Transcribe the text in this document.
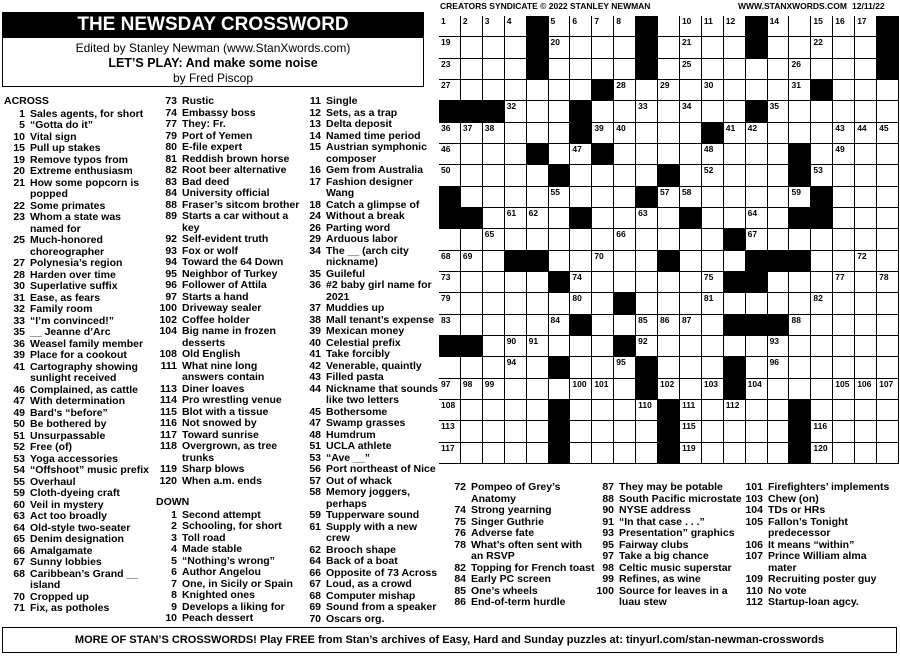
THE NEWSDAY CROSSWORD
Edited by Stanley Newman (www.StanXwords.com)
LET’S PLAY: And make some noise
by Fred Piscop
CREATORS SYNDICATE © 2022 STANLEY NEWMAN	WWW.STANXWORDS.COM 12/11/22
1 2 3 4	5 6 7 8	10 11 12	14	15 16 17
19	20	21	22
23	25	26
27	28	29	30	31
32	33	34	35
36 37 38	39 40	41 42	43 44 45
46	47	48	49
50	52	53
55	57 58	59
61 62	63	64
65	66	67
68 69	70	72
73	74	75	77	78
79	80	81	82
83	84	85 86 87	88
90 91	92	93
94	95	96
97 98 99	100 101	102	103	104	105 106 107
108	110	111	112
113	115	116
117	119	120
ACROSS
1 Sales agents, for short
5 “Gotta do it”
10 Vital sign
15 Pull up stakes
19 Remove typos from
20 Extreme enthusiasm
21 How some popcorn is popped
22 Some primates
23 Whom a state was named for
25 Much-honored choreographer
27 Polynesia’s region
28 Harden over time
30 Superlative suffix
31 Ease, as fears
32 Family room
33 “I’m convinced!”
35 __ Jeanne d’Arc
36 Weasel family member
39 Place for a cookout
41 Cartography showing sunlight received
46 Complained, as cattle
47 With determination
49 Bard’s “before”
50 Be bothered by
51 Unsurpassable
52 Free (of)
53 Yoga accessories
54 “Offshoot” music prefix
55 Overhaul
59 Cloth-dyeing craft
60 Veil in mystery
63 Act too broadly
64 Old-style two-seater
65 Denim designation
66 Amalgamate
67 Sunny lobbies
68 Caribbean’s Grand __ island
70 Cropped up
71 Fix, as potholes
73 Rustic
74 Embassy boss
77 They: Fr.
79 Port of Yemen
80 E-file expert
81 Reddish brown horse
82 Root beer alternative
83 Bad deed
84 University official
88 Fraser’s sitcom brother
89 Starts a car without a key
92 Self-evident truth
93 Fox or wolf
94 Toward the 64 Down
95 Neighbor of Turkey
96 Follower of Attila
97 Starts a hand
100 Driveway sealer
102 Coffee holder
104 Big name in frozen desserts
108 Old English
111 What nine long answers contain
113 Diner loaves
114 Pro wrestling venue
115 Blot with a tissue
116 Not snowed by
117 Toward sunrise
118 Overgrown, as tree trunks
119 Sharp blows
120 When a.m. ends
DOWN
1 Second attempt
2 Schooling, for short
3 Toll road
4 Made stable
5 “Nothing’s wrong”
6 Author Angelou
7 One, in Sicily or Spain
8 Knighted ones
9 Develops a liking for
10 Peach dessert
11 Single
12 Sets, as a trap
13 Delta deposit
14 Named time period
15 Austrian symphonic composer
16 Gem from Australia
17 Fashion designer Wang
18 Catch a glimpse of
24 Without a break
26 Parting word
29 Arduous labor
34 The __ (arch city nickname)
35 Guileful
36 #2 baby girl name for 2021
37 Muddies up
38 Mall tenant’s expense
39 Mexican money
40 Celestial prefix
41 Take forcibly
42 Venerable, quaintly
43 Filled pasta
44 Nickname that sounds like two letters
45 Bothersome
47 Swamp grasses
48 Humdrum
51 UCLA athlete
53 “Ave __”
56 Port northeast of Nice
57 Out of whack
58 Memory joggers, perhaps
59 Tupperware sound
61 Supply with a new crew
62 Brooch shape
64 Back of a boat
66 Opposite of 73 Across
67 Loud, as a crowd
68 Computer mishap
69 Sound from a speaker
70 Oscars org.
72 Pompeo of Grey’s Anatomy
74 Strong yearning
75 Singer Guthrie
76 Adverse fate
78 What’s often sent with an RSVP
82 Topping for French toast
84 Early PC screen
85 One’s wheels
86 End-of-term hurdle
87 They may be potable
88 South Pacific microstate
90 NYSE address
91 “In that case . . .”
93 Presentation” graphics
95 Fairway clubs
97 Take a big chance
98 Celtic music superstar
99 Refines, as wine
100 Source for leaves in a luau stew
101 Firefighters’ implements
103 Chew (on)
104 TDs or HRs
105 Fallon’s Tonight predecessor
106 It means “within”
107 Prince William alma mater
109 Recruiting poster guy
110 No vote
112 Startup-loan agcy.
MORE OF STAN’S CROSSWORDS! Play FREE from Stan’s archives of Easy, Hard and Sunday puzzles at: tinyurl.com/stan-newman-crosswords
